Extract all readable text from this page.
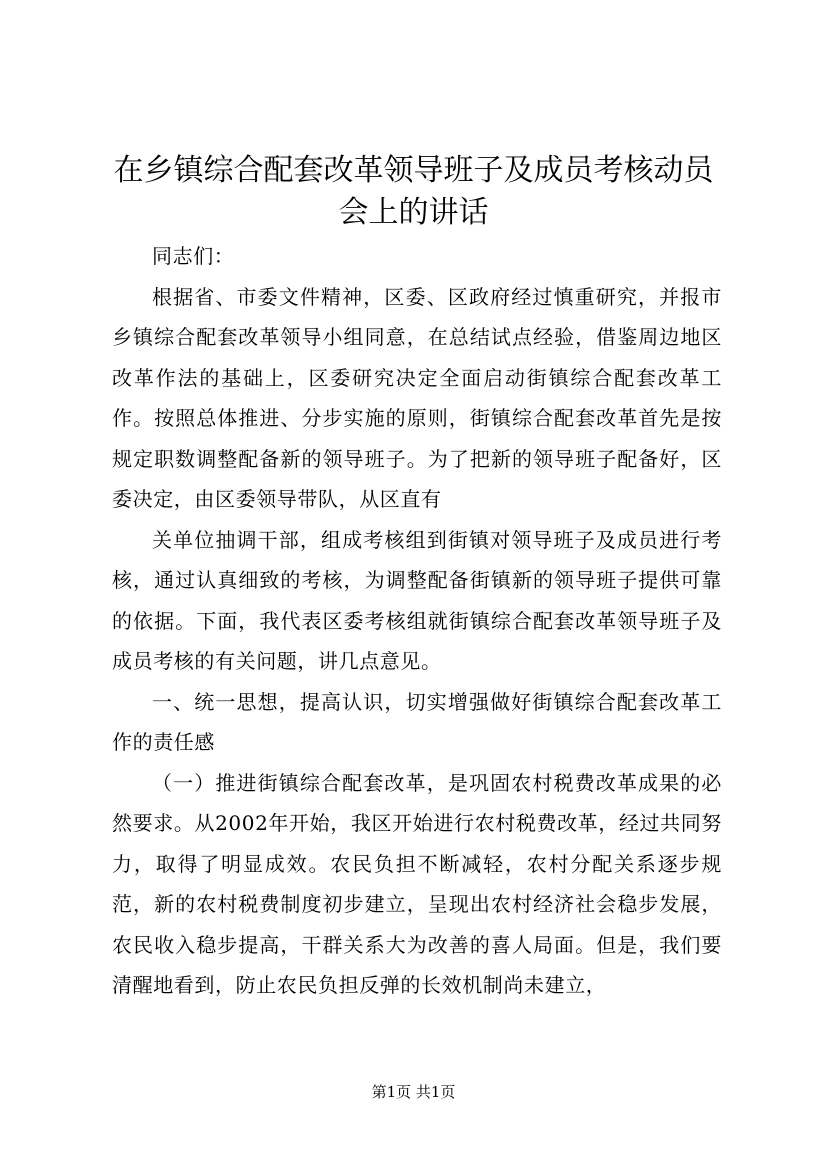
在乡镇综合配套改革领导班子及成员考核动员会上的讲话

同志们：

根据省、市委文件精神，区委、区政府经过慎重研究，并报市乡镇综合配套改革领导小组同意，在总结试点经验，借鉴周边地区改革作法的基础上，区委研究决定全面启动街镇综合配套改革工作。按照总体推进、分步实施的原则，街镇综合配套改革首先是按规定职数调整配备新的领导班子。为了把新的领导班子配备好，区委决定，由区委领导带队，从区直有

关单位抽调干部，组成考核组到街镇对领导班子及成员进行考核，通过认真细致的考核，为调整配备街镇新的领导班子提供可靠的依据。下面，我代表区委考核组就街镇综合配套改革领导班子及成员考核的有关问题，讲几点意见。

一、统一思想，提高认识，切实增强做好街镇综合配套改革工作的责任感

（一）推进街镇综合配套改革，是巩固农村税费改革成果的必然要求。从2002年开始，我区开始进行农村税费改革，经过共同努力，取得了明显成效。农民负担不断减轻，农村分配关系逐步规范，新的农村税费制度初步建立，呈现出农村经济社会稳步发展，农民收入稳步提高，干群关系大为改善的喜人局面。但是，我们要清醒地看到，防止农民负担反弹的长效机制尚未建立，

第1页 共1页
